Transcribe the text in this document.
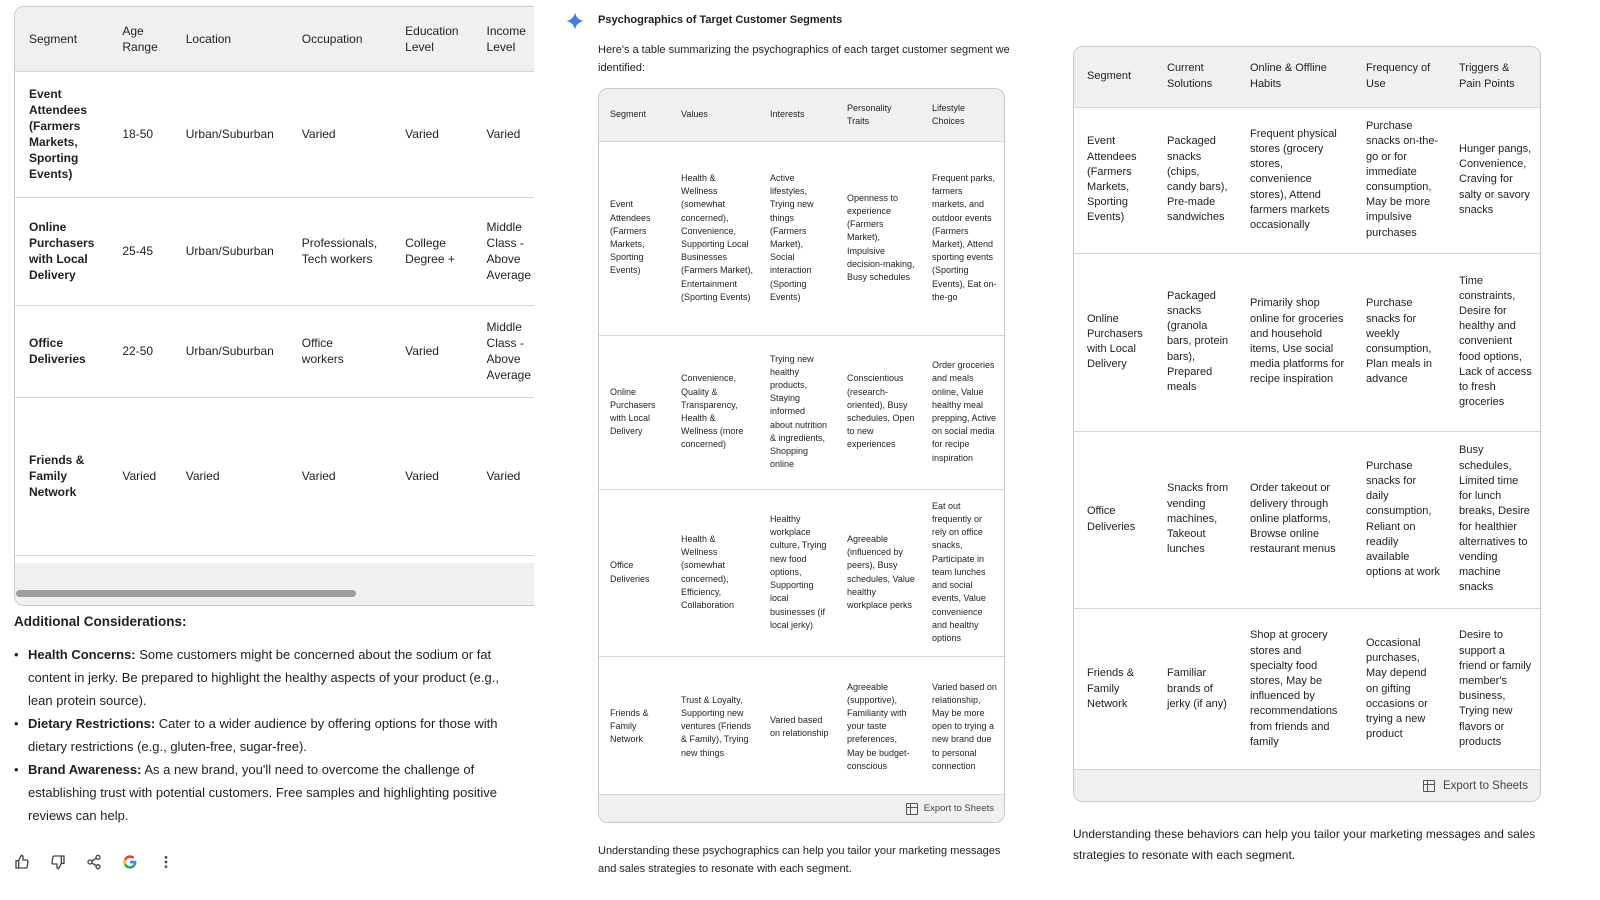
Segment	Age Range	Location	Occupation	Education Level	Income Level
Event Attendees (Farmers Markets, Sporting Events)	18-50	Urban/Suburban	Varied	Varied	Varied
Online Purchasers with Local Delivery	25-45	Urban/Suburban	Professionals, Tech workers	College Degree +	Middle Class - Above Average
Office Deliveries	22-50	Urban/Suburban	Office workers	Varied	Middle Class - Above Average
Friends & Family Network	Varied	Varied	Varied	Varied	Varied
Additional Considerations:
• Health Concerns: Some customers might be concerned about the sodium or fat content in jerky. Be prepared to highlight the healthy aspects of your product (e.g., lean protein source).
• Dietary Restrictions: Cater to a wider audience by offering options for those with dietary restrictions (e.g., gluten-free, sugar-free).
• Brand Awareness: As a new brand, you'll need to overcome the challenge of establishing trust with potential customers. Free samples and highlighting positive reviews can help.
Psychographics of Target Customer Segments
Here's a table summarizing the psychographics of each target customer segment we identified:
Segment	Values	Interests	Personality Traits	Lifestyle Choices
Event Attendees (Farmers Markets, Sporting Events)	Health & Wellness (somewhat concerned), Convenience, Supporting Local Businesses (Farmers Market), Entertainment (Sporting Events)	Active lifestyles, Trying new things (Farmers Market), Social interaction (Sporting Events)	Openness to experience (Farmers Market), Impulsive decision-making, Busy schedules	Frequent parks, farmers markets, and outdoor events (Farmers Market), Attend sporting events (Sporting Events), Eat on-the-go
Online Purchasers with Local Delivery	Convenience, Quality & Transparency, Health & Wellness (more concerned)	Trying new healthy products, Staying informed about nutrition & ingredients, Shopping online	Conscientious (research-oriented), Busy schedules, Open to new experiences	Order groceries and meals online, Value healthy meal prepping, Active on social media for recipe inspiration
Office Deliveries	Health & Wellness (somewhat concerned), Efficiency, Collaboration	Healthy workplace culture, Trying new food options, Supporting local businesses (if local jerky)	Agreeable (influenced by peers), Busy schedules, Value healthy workplace perks	Eat out frequently or rely on office snacks, Participate in team lunches and social events, Value convenience and healthy options
Friends & Family Network	Trust & Loyalty, Supporting new ventures (Friends & Family), Trying new things	Varied based on relationship	Agreeable (supportive), Familiarity with your taste preferences, May be budget-conscious	Varied based on relationship, May be more open to trying a new brand due to personal connection
Export to Sheets
Understanding these psychographics can help you tailor your marketing messages and sales strategies to resonate with each segment.
Segment	Current Solutions	Online & Offline Habits	Frequency of Use	Triggers & Pain Points
Event Attendees (Farmers Markets, Sporting Events)	Packaged snacks (chips, candy bars), Pre-made sandwiches	Frequent physical stores (grocery stores, convenience stores), Attend farmers markets occasionally	Purchase snacks on-the-go or for immediate consumption, May be more impulsive purchases	Hunger pangs, Convenience, Craving for salty or savory snacks
Online Purchasers with Local Delivery	Packaged snacks (granola bars, protein bars), Prepared meals	Primarily shop online for groceries and household items, Use social media platforms for recipe inspiration	Purchase snacks for weekly consumption, Plan meals in advance	Time constraints, Desire for healthy and convenient food options, Lack of access to fresh groceries
Office Deliveries	Snacks from vending machines, Takeout lunches	Order takeout or delivery through online platforms, Browse online restaurant menus	Purchase snacks for daily consumption, Reliant on readily available options at work	Busy schedules, Limited time for lunch breaks, Desire for healthier alternatives to vending machine snacks
Friends & Family Network	Familiar brands of jerky (if any)	Shop at grocery stores and specialty food stores, May be influenced by recommendations from friends and family	Occasional purchases, May depend on gifting occasions or trying a new product	Desire to support a friend or family member's business, Trying new flavors or products
Export to Sheets
Understanding these behaviors can help you tailor your marketing messages and sales strategies to resonate with each segment.
